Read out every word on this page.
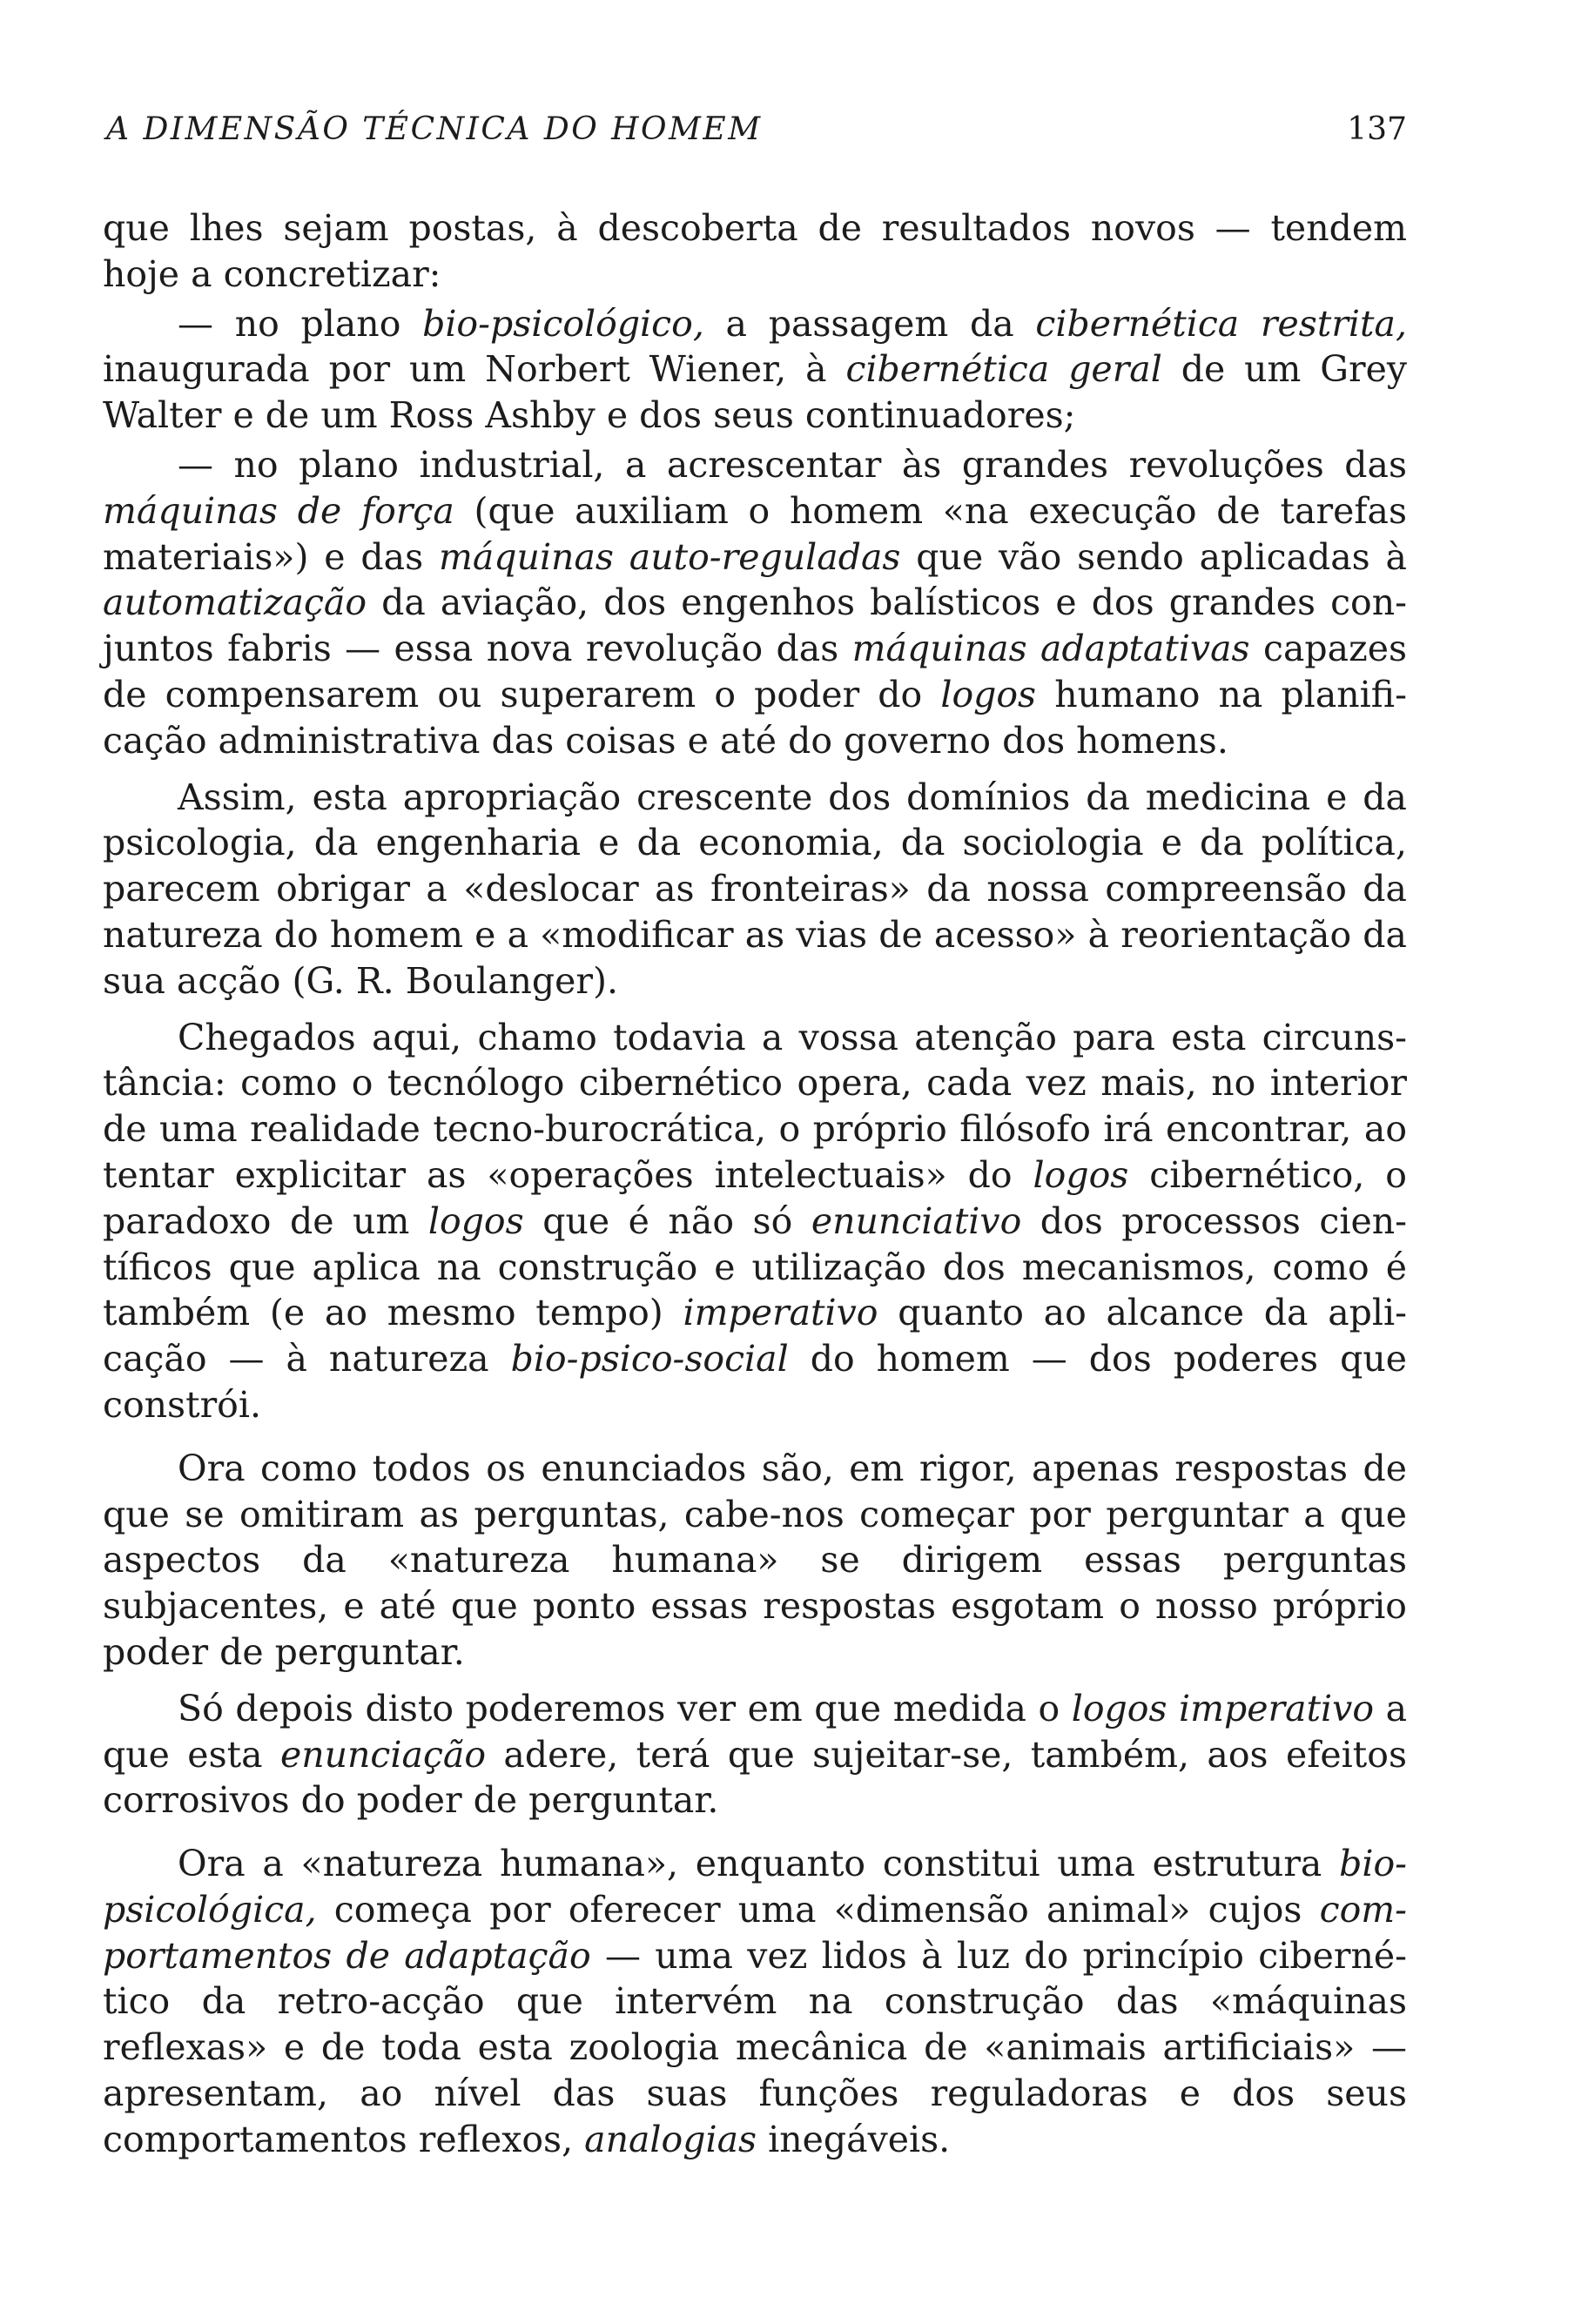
A DIMENSÃO TÉCNICA DO HOMEM	137

que lhes sejam postas, à descoberta de resultados novos — tendem hoje a concretizar:

— no plano bio-psicológico, a passagem da cibernética restrita, inaugurada por um Norbert Wiener, à cibernética geral de um Grey Walter e de um Ross Ashby e dos seus continuadores;

— no plano industrial, a acrescentar às grandes revoluções das máquinas de força (que auxiliam o homem «na execução de tarefas materiais») e das máquinas auto-reguladas que vão sendo aplicadas à automatização da aviação, dos engenhos balísticos e dos grandes conjuntos fabris — essa nova revolução das máquinas adaptativas capazes de compensarem ou superarem o poder do logos humano na planificação administrativa das coisas e até do governo dos homens.

Assim, esta apropriação crescente dos domínios da medicina e da psicologia, da engenharia e da economia, da sociologia e da política, parecem obrigar a «deslocar as fronteiras» da nossa compreensão da natureza do homem e a «modificar as vias de acesso» à reorientação da sua acção (G. R. Boulanger).

Chegados aqui, chamo todavia a vossa atenção para esta circunstância: como o tecnólogo cibernético opera, cada vez mais, no interior de uma realidade tecno-burocrática, o próprio filósofo irá encontrar, ao tentar explicitar as «operações intelectuais» do logos cibernético, o paradoxo de um logos que é não só enunciativo dos processos científicos que aplica na construção e utilização dos mecanismos, como é também (e ao mesmo tempo) imperativo quanto ao alcance da aplicação — à natureza bio-psico-social do homem — dos poderes que constrói.

Ora como todos os enunciados são, em rigor, apenas respostas de que se omitiram as perguntas, cabe-nos começar por perguntar a que aspectos da «natureza humana» se dirigem essas perguntas subjacentes, e até que ponto essas respostas esgotam o nosso próprio poder de perguntar.

Só depois disto poderemos ver em que medida o logos imperativo a que esta enunciação adere, terá que sujeitar-se, também, aos efeitos corrosivos do poder de perguntar.

Ora a «natureza humana», enquanto constitui uma estrutura bio-psicológica, começa por oferecer uma «dimensão animal» cujos comportamentos de adaptação — uma vez lidos à luz do princípio cibernético da retro-acção que intervém na construção das «máquinas reflexas» e de toda esta zoologia mecânica de «animais artificiais» — apresentam, ao nível das suas funções reguladoras e dos seus comportamentos reflexos, analogias inegáveis.
